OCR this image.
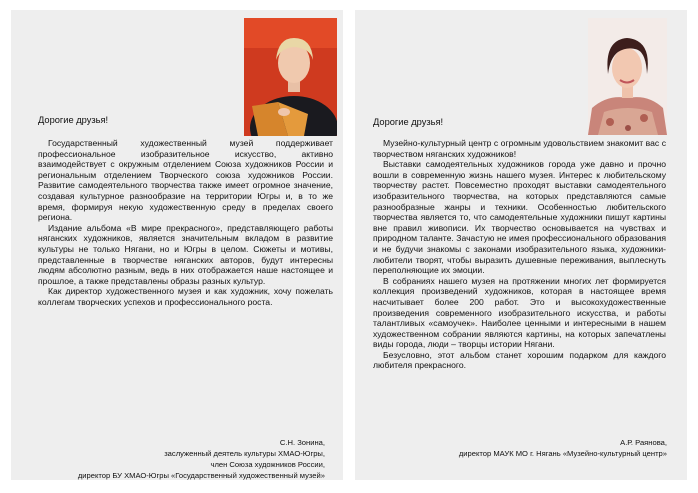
Дорогие друзья!

Государственный художественный музей поддерживает профессиональное изобразительное искусство, активно взаимодействует с окружным отделением Союза художников России и региональным отделением Творческого союза художников России. Развитие самодеятельного творчества также имеет огромное значение, создавая культурное разнообразие на территории Югры и, в то же время, формируя некую художественную среду в пределах своего региона.

Издание альбома «В мире прекрасного», представляющего работы няганских художников, является значительным вкладом в развитие культуры не только Нягани, но и Югры в целом. Сюжеты и мотивы, представленные в творчестве няганских авторов, будут интересны людям абсолютно разным, ведь в них отображается наше настоящее и прошлое, а также представлены образы разных культур.

Как директор художественного музея и как художник, хочу пожелать коллегам творческих успехов и профессионального роста.

С.Н. Зонина,
заслуженный деятель культуры ХМАО-Югры,
член Союза художников России,
директор БУ ХМАО-Югры «Государственный художественный музей»
Дорогие друзья!

Музейно-культурный центр с огромным удовольствием знакомит вас с творчеством няганских художников!

Выставки самодеятельных художников города уже давно и прочно вошли в современную жизнь нашего музея. Интерес к любительскому творчеству растет. Повсеместно проходят выставки самодеятельного изобразительного творчества, на которых представляются самые разнообразные жанры и техники. Особенностью любительского творчества является то, что самодеятельные художники пишут картины вне правил живописи. Их творчество основывается на чувствах и природном таланте. Зачастую не имея профессионального образования и не будучи знакомы с законами изобразительного языка, художники-любители творят, чтобы выразить душевные переживания, выплеснуть переполняющие их эмоции.

В собраниях нашего музея на протяжении многих лет формируется коллекция произведений художников, которая в настоящее время насчитывает более 200 работ. Это и высокохудожественные произведения современного изобразительного искусства, и работы талантливых «самоучек». Наиболее ценными и интересными в нашем художественном собрании являются картины, на которых запечатлены виды города, люди – творцы истории Нягани.

Безусловно, этот альбом станет хорошим подарком для каждого любителя прекрасного.

А.Р. Раянова,
директор МАУК МО г. Нягань «Музейно-культурный центр»
